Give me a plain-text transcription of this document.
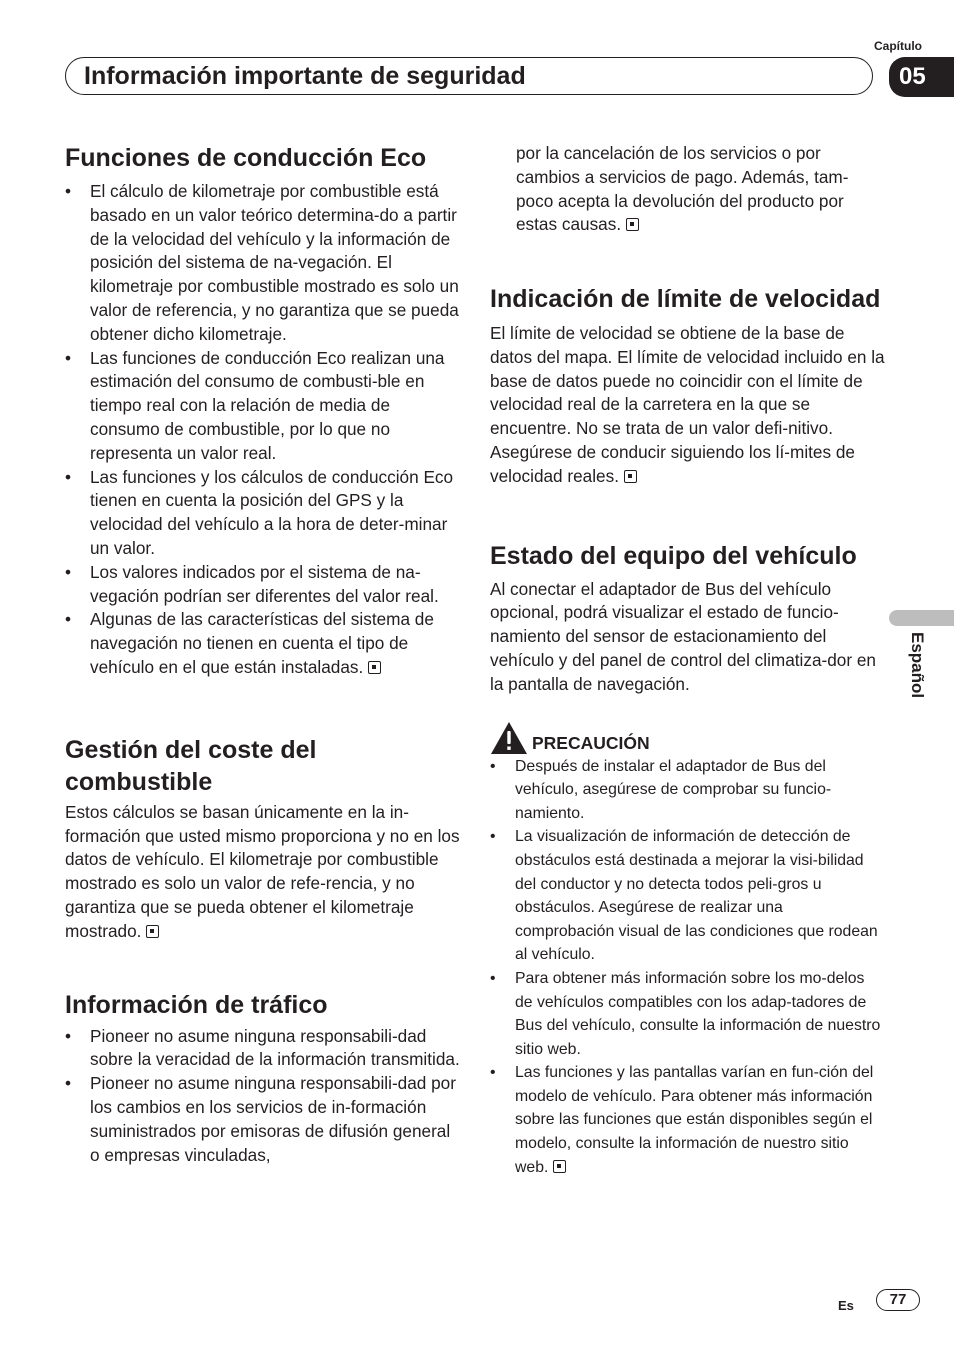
Capítulo
Información importante de seguridad	05
Español
Funciones de conducción Eco
• El cálculo de kilometraje por combustible está basado en un valor teórico determina-do a partir de la velocidad del vehículo y la información de posición del sistema de na-vegación. El kilometraje por combustible mostrado es solo un valor de referencia, y no garantiza que se pueda obtener dicho kilometraje.
• Las funciones de conducción Eco realizan una estimación del consumo de combusti-ble en tiempo real con la relación de media de consumo de combustible, por lo que no representa un valor real.
• Las funciones y los cálculos de conducción Eco tienen en cuenta la posición del GPS y la velocidad del vehículo a la hora de deter-minar un valor.
• Los valores indicados por el sistema de na-vegación podrían ser diferentes del valor real.
• Algunas de las características del sistema de navegación no tienen en cuenta el tipo de vehículo en el que están instaladas.
Gestión del coste del combustible

Estos cálculos se basan únicamente en la in-formación que usted mismo proporciona y no en los datos de vehículo. El kilometraje por combustible mostrado es solo un valor de refe-rencia, y no garantiza que se pueda obtener el kilometraje mostrado.

Información de tráfico
• Pioneer no asume ninguna responsabili-dad sobre la veracidad de la información transmitida.
• Pioneer no asume ninguna responsabili-dad por los cambios en los servicios de in-formación suministrados por emisoras de difusión general o empresas vinculadas,

por la cancelación de los servicios o por cambios a servicios de pago. Además, tam-poco acepta la devolución del producto por estas causas.

Indicación de límite de velocidad

El límite de velocidad se obtiene de la base de datos del mapa. El límite de velocidad incluido en la base de datos puede no coincidir con el límite de velocidad real de la carretera en la que se encuentre. No se trata de un valor defi-nitivo. Asegúrese de conducir siguiendo los lí-mites de velocidad reales.

Estado del equipo del vehículo

Al conectar el adaptador de Bus del vehículo opcional, podrá visualizar el estado de funcio-namiento del sensor de estacionamiento del vehículo y del panel de control del climatiza-dor en la pantalla de navegación.

PRECAUCIÓN
• Después de instalar el adaptador de Bus del vehículo, asegúrese de comprobar su funcio-namiento.
• La visualización de información de detección de obstáculos está destinada a mejorar la visi-bilidad del conductor y no detecta todos peli-gros u obstáculos. Asegúrese de realizar una comprobación visual de las condiciones que rodean al vehículo.
• Para obtener más información sobre los mo-delos de vehículos compatibles con los adap-tadores de Bus del vehículo, consulte la información de nuestro sitio web.
• Las funciones y las pantallas varían en fun-ción del modelo de vehículo. Para obtener más información sobre las funciones que están disponibles según el modelo, consulte la información de nuestro sitio web.
Es	77
